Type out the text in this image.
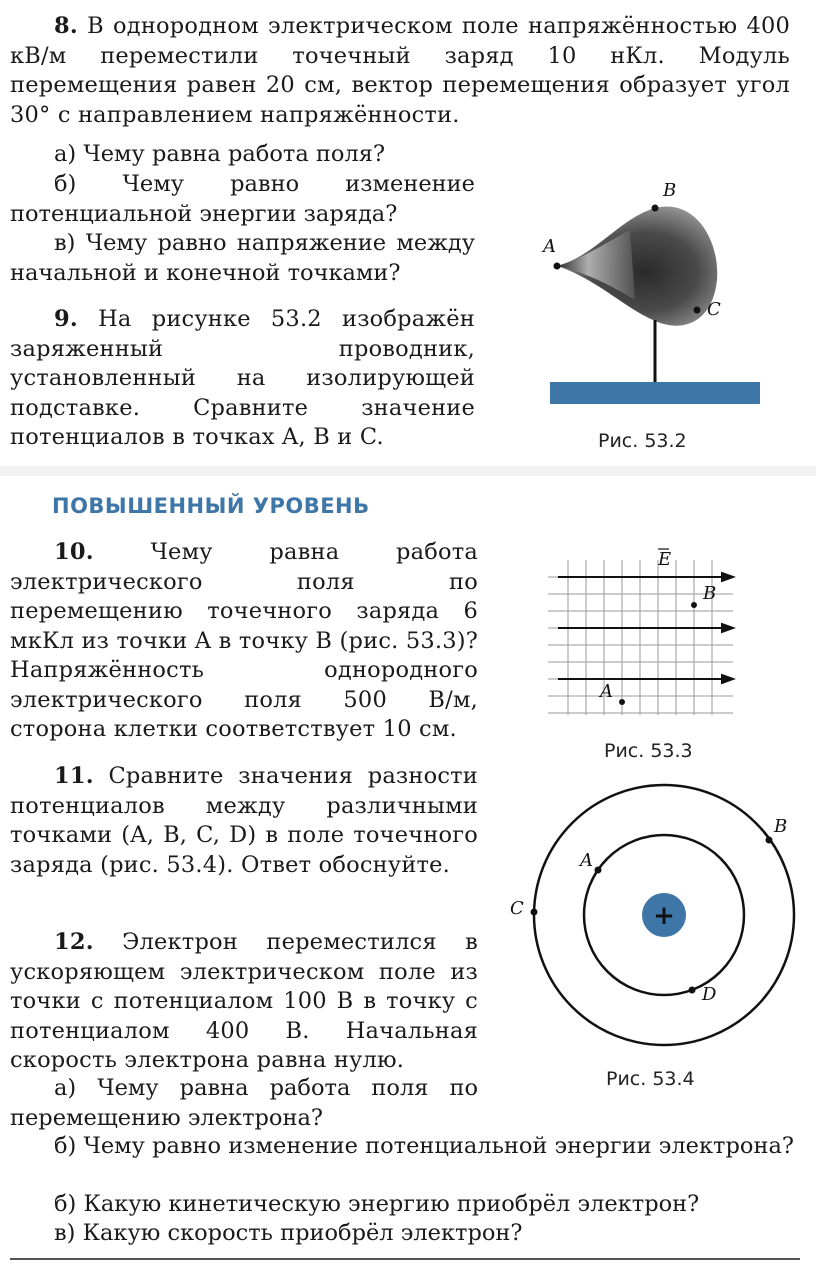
8. В однородном электрическом поле напряжённостью 400 кВ/м переместили точечный заряд 10 нКл. Модуль перемещения равен 20 см, вектор перемещения образует угол 30° с направлением напряжённости.

а) Чему равна работа поля?

б) Чему равно изменение потенциальной энергии заряда?

в) Чему равно напряжение между начальной и конечной точками?

9. На рисунке 53.2 изображён заряженный проводник, установленный на изолирующей подставке. Сравните значение потенциалов в точках A, B и C.

A
B
C
Рис. 53.2
ПОВЫШЕННЫЙ УРОВЕНЬ

10.	Чему равна работа электрического поля по перемещению точечного заряда 6 мкКл из точки A в точку B (рис. 53.3)? Напряжённость однородного электрического поля 500 В/м, сторона клетки соответствует 10 см.

E
A
B
Рис. 53.3

11. Сравните значения разности потенциалов между различными точками (A, B, C, D) в поле точечного заряда (рис. 53.4). Ответ обоснуйте.

+
A
B
C
D
Рис. 53.4

12. Электрон переместился в ускоряющем электрическом поле из точки с потенциалом 100 В в точку с потенциалом 400 В. Начальная скорость электрона равна нулю.

а) Чему равна работа поля по перемещению электрона?

б) Чему равно изменение потенциальной энергии электрона?

б) Какую кинетическую энергию приобрёл электрон?

в) Какую скорость приобрёл электрон?
